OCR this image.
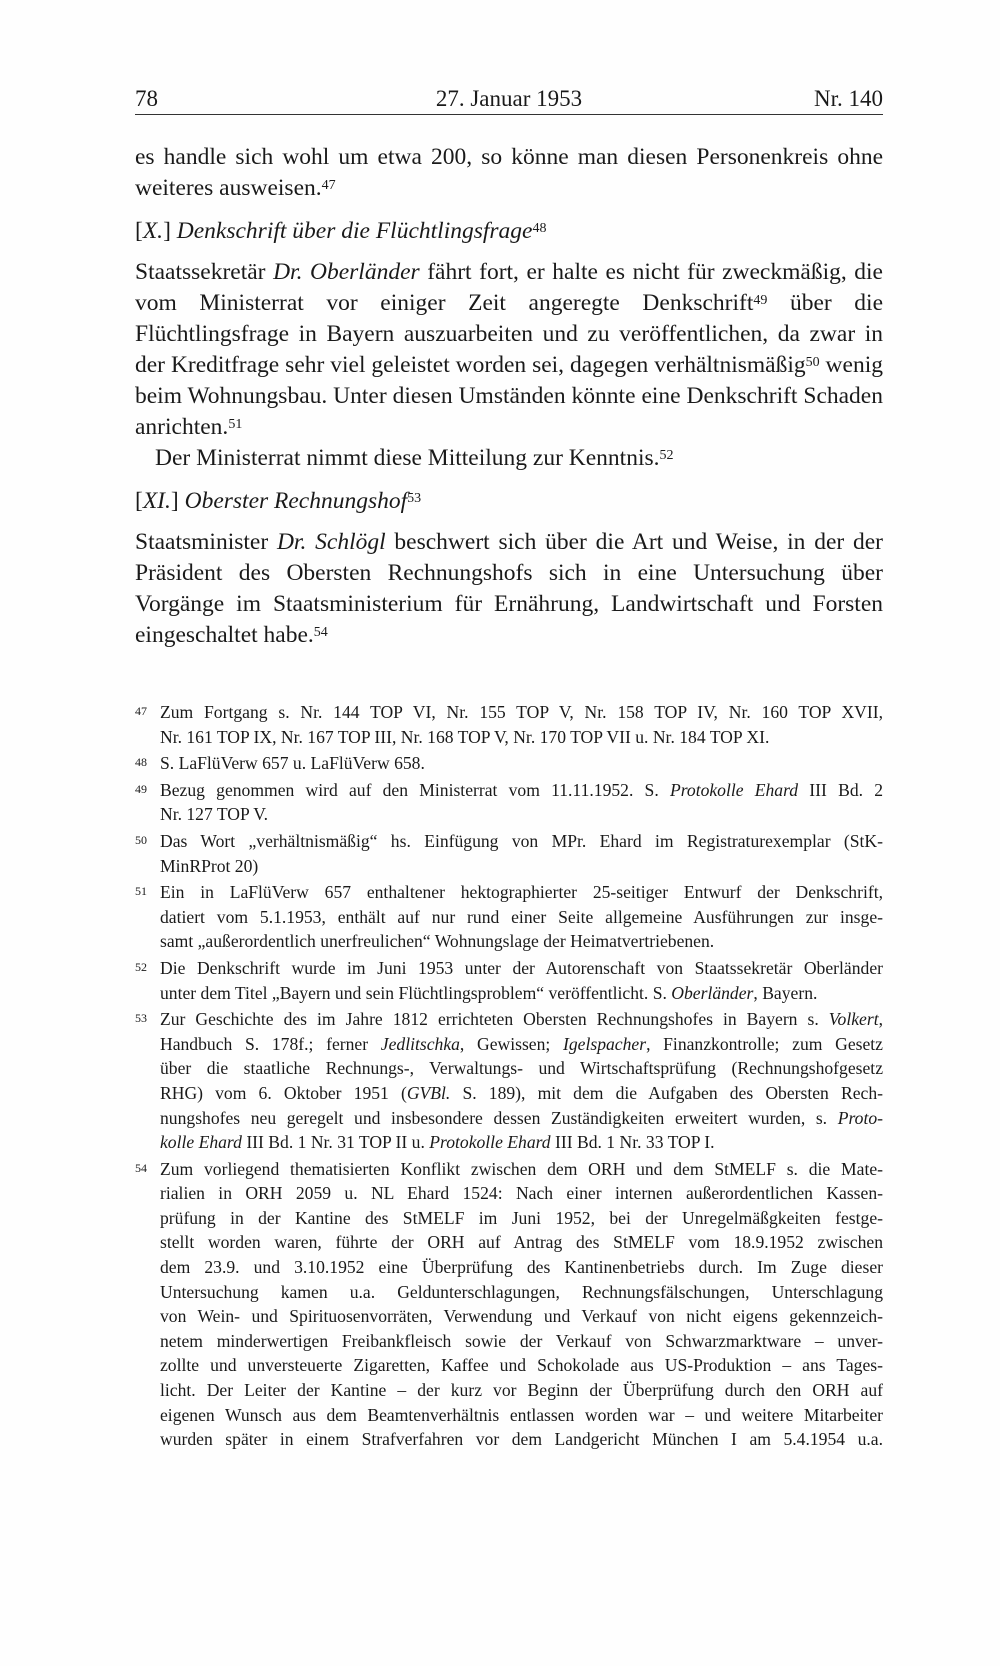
78	27. Januar 1953	Nr. 140

es handle sich wohl um etwa 200, so könne man diesen Personenkreis ohne weiteres ausweisen.$^{47}$

[X.] Denkschrift über die Flüchtlingsfrage$^{48}$

Staatssekretär Dr. Oberländer fährt fort, er halte es nicht für zweckmäßig, die vom Ministerrat vor einiger Zeit angeregte Denkschrift$^{49}$ über die Flüchtlingsfrage in Bayern auszuarbeiten und zu veröffentlichen, da zwar in der Kreditfrage sehr viel geleistet worden sei, dagegen verhältnismäßig$^{50}$ wenig beim Wohnungsbau. Unter diesen Umständen könnte eine Denkschrift Schaden anrichten.$^{51}$

Der Ministerrat nimmt diese Mitteilung zur Kenntnis.$^{52}$

[XI.] Oberster Rechnungshof$^{53}$

Staatsminister Dr. Schlögl beschwert sich über die Art und Weise, in der der Präsident des Obersten Rechnungshofs sich in eine Untersuchung über Vorgänge im Staatsministerium für Ernährung, Landwirtschaft und Forsten eingeschaltet habe.$^{54}$

47 Zum Fortgang s. Nr. 144 TOP VI, Nr. 155 TOP V, Nr. 158 TOP IV, Nr. 160 TOP XVII,
Nr. 161 TOP IX, Nr. 167 TOP III, Nr. 168 TOP V, Nr. 170 TOP VII u. Nr. 184 TOP XI.
48 S. LaFlüVerw 657 u. LaFlüVerw 658.
49 Bezug genommen wird auf den Ministerrat vom 11.11.1952. S. Protokolle Ehard III Bd. 2
Nr. 127 TOP V.
50 Das Wort „verhältnismäßig“ hs. Einfügung von MPr. Ehard im Registraturexemplar (StK-
MinRProt 20)
51 Ein in LaFlüVerw 657 enthaltener hektographierter 25-seitiger Entwurf der Denkschrift,
datiert vom 5.1.1953, enthält auf nur rund einer Seite allgemeine Ausführungen zur insge-
samt „außerordentlich unerfreulichen“ Wohnungslage der Heimatvertriebenen.
52 Die Denkschrift wurde im Juni 1953 unter der Autorenschaft von Staatssekretär Oberländer
unter dem Titel „Bayern und sein Flüchtlingsproblem“ veröffentlicht. S. Oberländer, Bayern.
53 Zur Geschichte des im Jahre 1812 errichteten Obersten Rechnungshofes in Bayern s. Volkert,
Handbuch S. 178f.; ferner Jedlitschka, Gewissen; Igelspacher, Finanzkontrolle; zum Gesetz
über die staatliche Rechnungs-, Verwaltungs- und Wirtschaftsprüfung (Rechnungshofgesetz
RHG) vom 6. Oktober 1951 (GVBl. S. 189), mit dem die Aufgaben des Obersten Rech-
nungshofes neu geregelt und insbesondere dessen Zuständigkeiten erweitert wurden, s. Proto-
kolle Ehard III Bd. 1 Nr. 31 TOP II u. Protokolle Ehard III Bd. 1 Nr. 33 TOP I.
54 Zum vorliegend thematisierten Konflikt zwischen dem ORH und dem StMELF s. die Mate-
rialien in ORH 2059 u. NL Ehard 1524: Nach einer internen außerordentlichen Kassen-
prüfung in der Kantine des StMELF im Juni 1952, bei der Unregelmäßgkeiten festge-
stellt worden waren, führte der ORH auf Antrag des StMELF vom 18.9.1952 zwischen
dem 23.9. und 3.10.1952 eine Überprüfung des Kantinenbetriebs durch. Im Zuge dieser
Untersuchung kamen u.a. Geldunterschlagungen, Rechnungsfälschungen, Unterschlagung
von Wein- und Spirituosenvorräten, Verwendung und Verkauf von nicht eigens gekennzeich-
netem minderwertigen Freibankfleisch sowie der Verkauf von Schwarzmarktware – unver-
zollte und unversteuerte Zigaretten, Kaffee und Schokolade aus US-Produktion – ans Tages-
licht. Der Leiter der Kantine – der kurz vor Beginn der Überprüfung durch den ORH auf
eigenen Wunsch aus dem Beamtenverhältnis entlassen worden war – und weitere Mitarbeiter
wurden später in einem Strafverfahren vor dem Landgericht München I am 5.4.1954 u.a.
